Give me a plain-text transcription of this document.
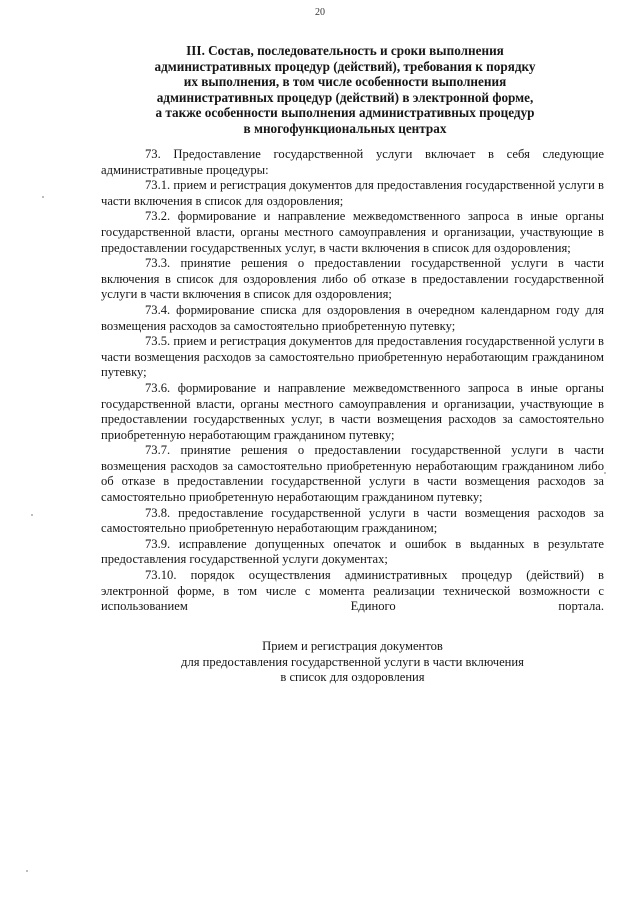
20
III. Состав, последовательность и сроки выполнения
административных процедур (действий), требования к порядку
их выполнения, в том числе особенности выполнения
административных процедур (действий) в электронной форме,
а также особенности выполнения административных процедур
в многофункциональных центрах

73. Предоставление государственной услуги включает в себя следующие административные процедуры:

73.1. прием и регистрация документов для предоставления государственной услуги в части включения в список для оздоровления;

73.2. формирование и направление межведомственного запроса в иные органы государственной власти, органы местного самоуправления и организации, участвующие в предоставлении государственных услуг, в части включения в список для оздоровления;

73.3. принятие решения о предоставлении государственной услуги в части включения в список для оздоровления либо об отказе в предоставлении государственной услуги в части включения в список для оздоровления;

73.4. формирование списка для оздоровления в очередном календарном году для возмещения расходов за самостоятельно приобретенную путевку;

73.5. прием и регистрация документов для предоставления государственной услуги в части возмещения расходов за самостоятельно приобретенную неработающим гражданином путевку;

73.6. формирование и направление межведомственного запроса в иные органы государственной власти, органы местного самоуправления и организации, участвующие в предоставлении государственных услуг, в части возмещения расходов за самостоятельно приобретенную неработающим гражданином путевку;

73.7. принятие решения о предоставлении государственной услуги в части возмещения расходов за самостоятельно приобретенную неработающим гражданином либо об отказе в предоставлении государственной услуги в части возмещения расходов за самостоятельно приобретенную неработающим гражданином путевку;

73.8. предоставление государственной услуги в части возмещения расходов за самостоятельно приобретенную неработающим гражданином;

73.9. исправление допущенных опечаток и ошибок в выданных в результате предоставления государственной услуги документах;

73.10. порядок осуществления административных процедур (действий) в электронной форме, в том числе с момента реализации технической возможности с использованием Единого портала.

Прием и регистрация документов
для предоставления государственной услуги в части включения
в список для оздоровления
